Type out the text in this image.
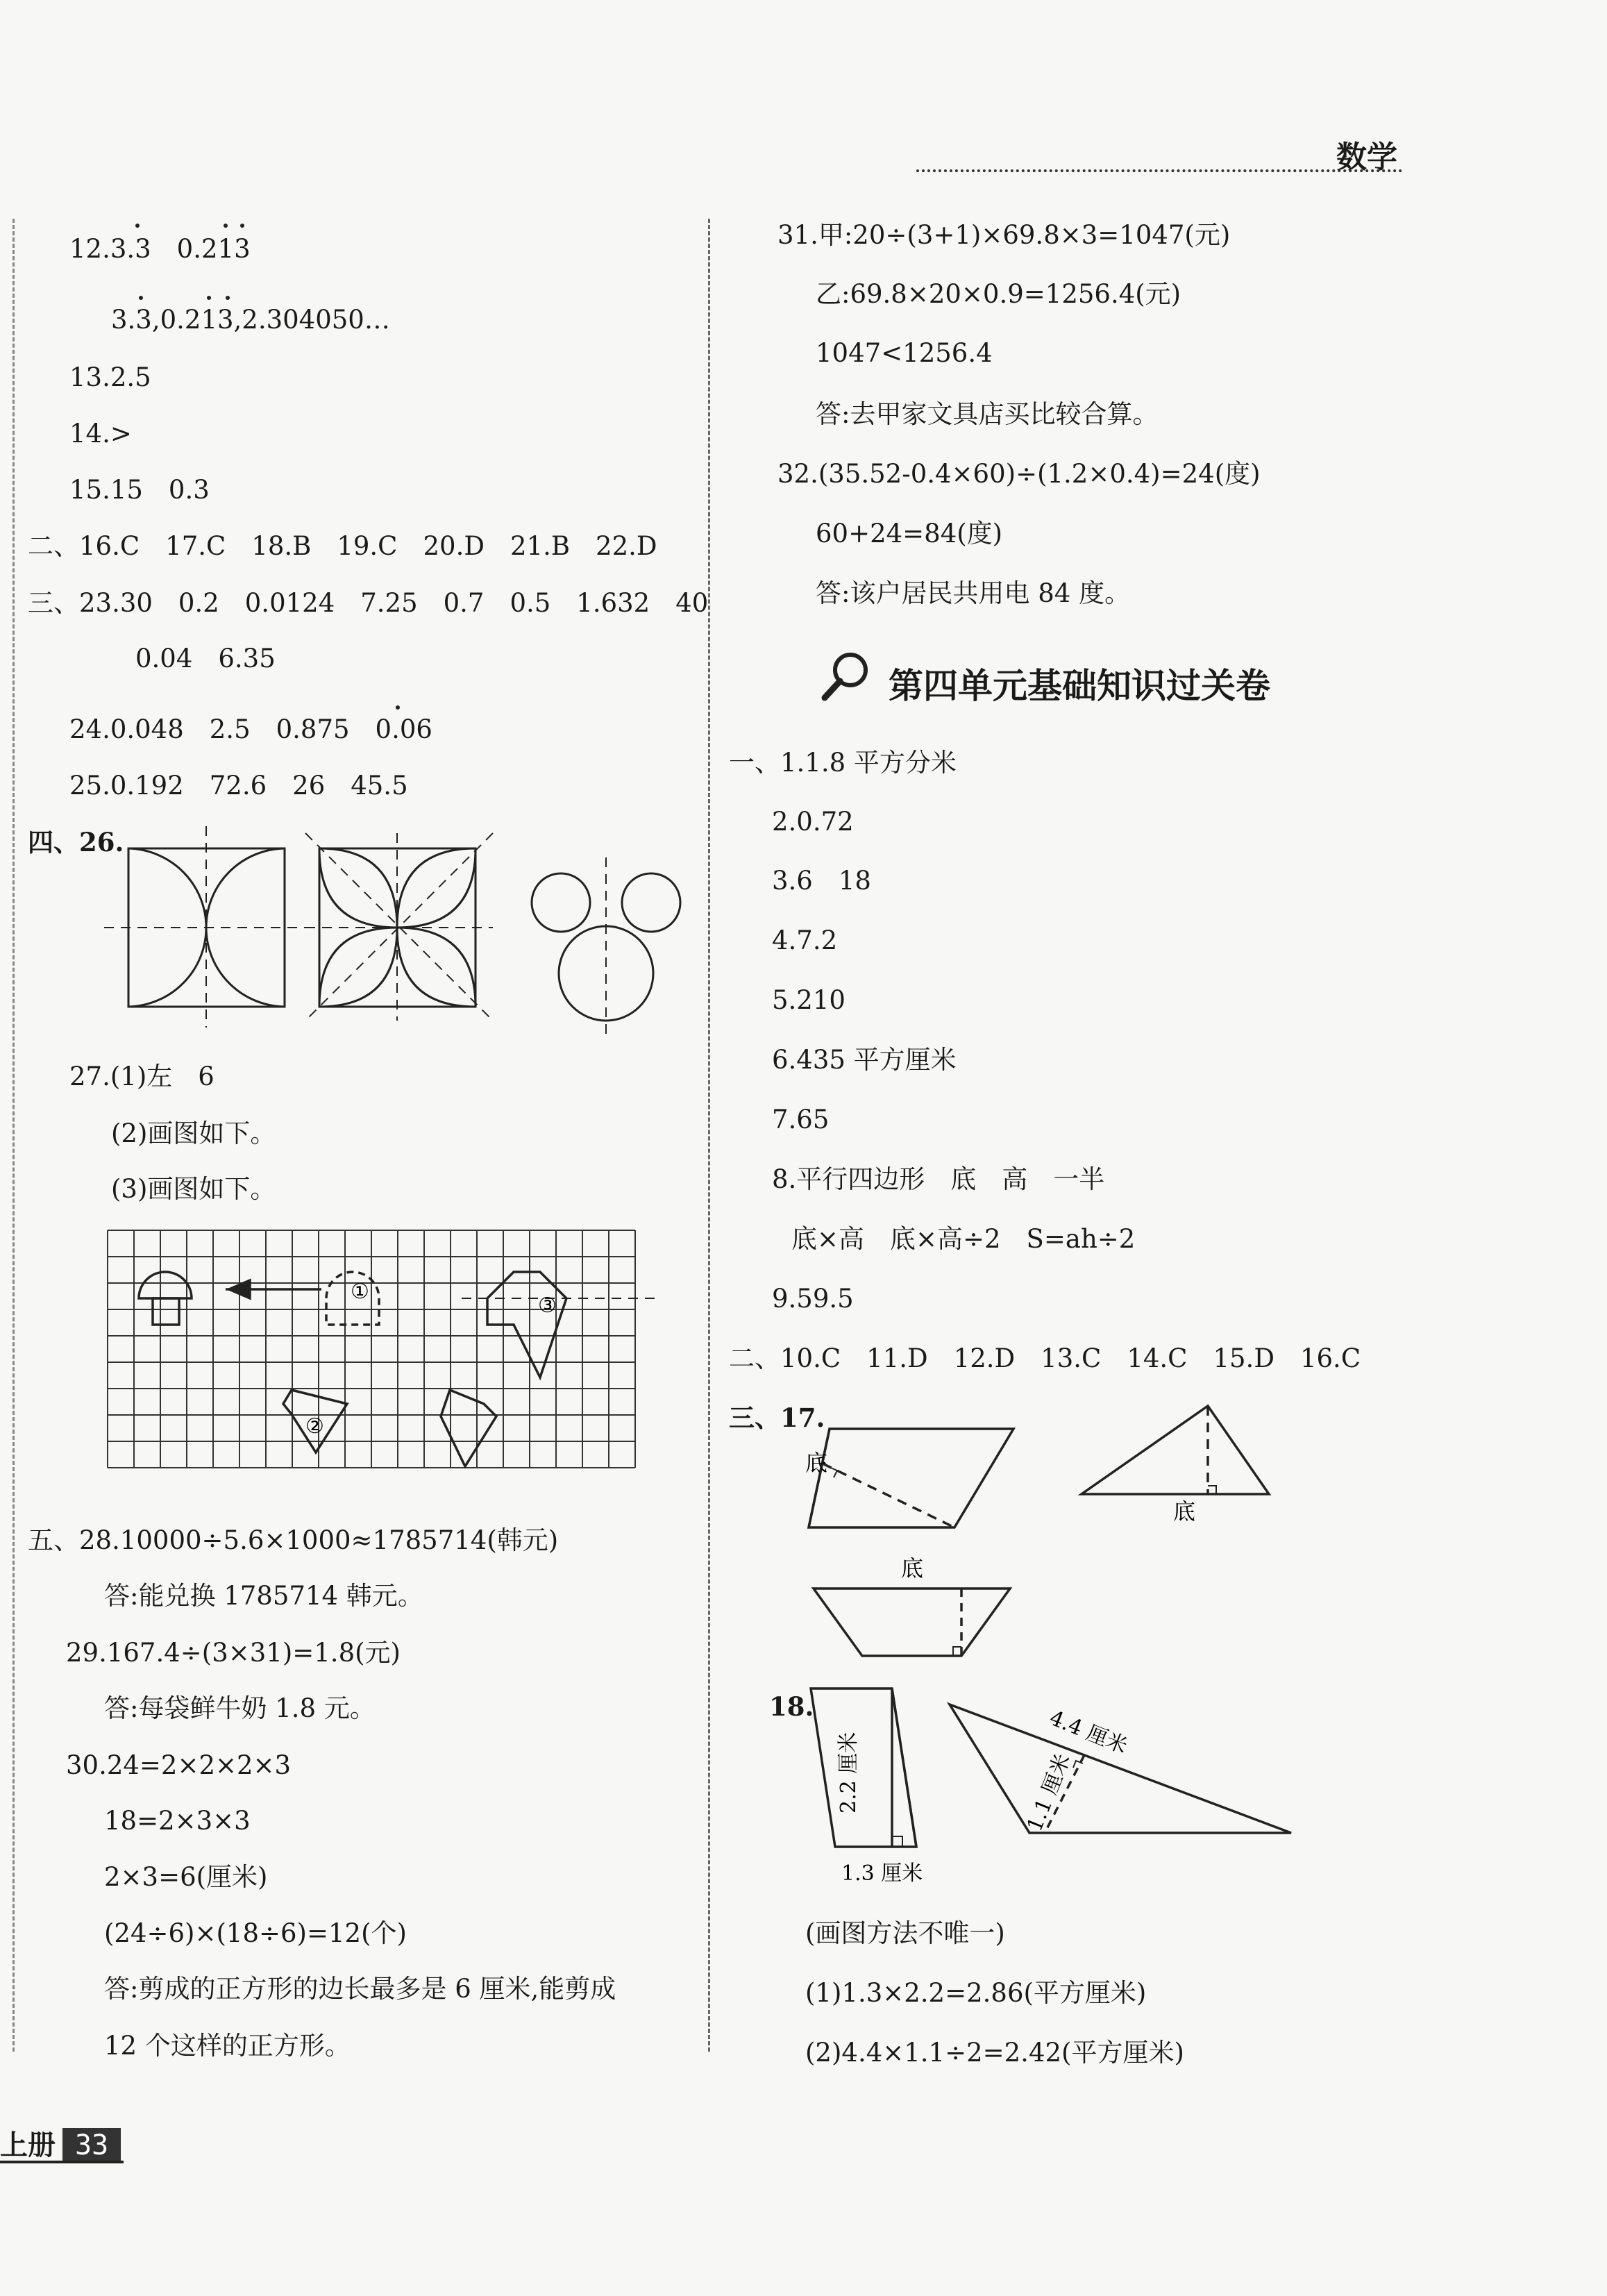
数学
12.3.3　0.213
3.3,0.213,2.304050…
13.2.5
14.>
15.15　0.3
二、16.C　17.C　18.B　19.C　20.D　21.B　22.D
三、23.30　0.2　0.0124　7.25　0.7　0.5　1.632　40
0.04　6.35
24.0.048　2.5　0.875　0.06
25.0.192　72.6　26　45.5
四、26.
27.(1)左　6
(2)画图如下。
(3)画图如下。
①
③
②
五、28.10000÷5.6×1000≈1785714(韩元)
答:能兑换 1785714 韩元。
29.167.4÷(3×31)=1.8(元)
答:每袋鲜牛奶 1.8 元。
30.24=2×2×2×3
18=2×3×3
2×3=6(厘米)
(24÷6)×(18÷6)=12(个)
答:剪成的正方形的边长最多是 6 厘米,能剪成
12 个这样的正方形。
31.甲:20÷(3+1)×69.8×3=1047(元)
乙:69.8×20×0.9=1256.4(元)
1047<1256.4
答:去甲家文具店买比较合算。
32.(35.52-0.4×60)÷(1.2×0.4)=24(度)
60+24=84(度)
答:该户居民共用电 84 度。
第四单元基础知识过关卷
一、1.1.8 平方分米
2.0.72
3.6　18
4.7.2
5.210
6.435 平方厘米
7.65
8.平行四边形　底　高　一半
底×高　底×高÷2　S=ah÷2
9.59.5
二、10.C　11.D　12.D　13.C　14.C　15.D　16.C
三、17.
底
底
底
18.
2.2 厘米
1.3 厘米
4.4 厘米
1.1 厘米
(画图方法不唯一)
(1)1.3×2.2=2.86(平方厘米)
(2)4.4×1.1÷2=2.42(平方厘米)
上册 33
